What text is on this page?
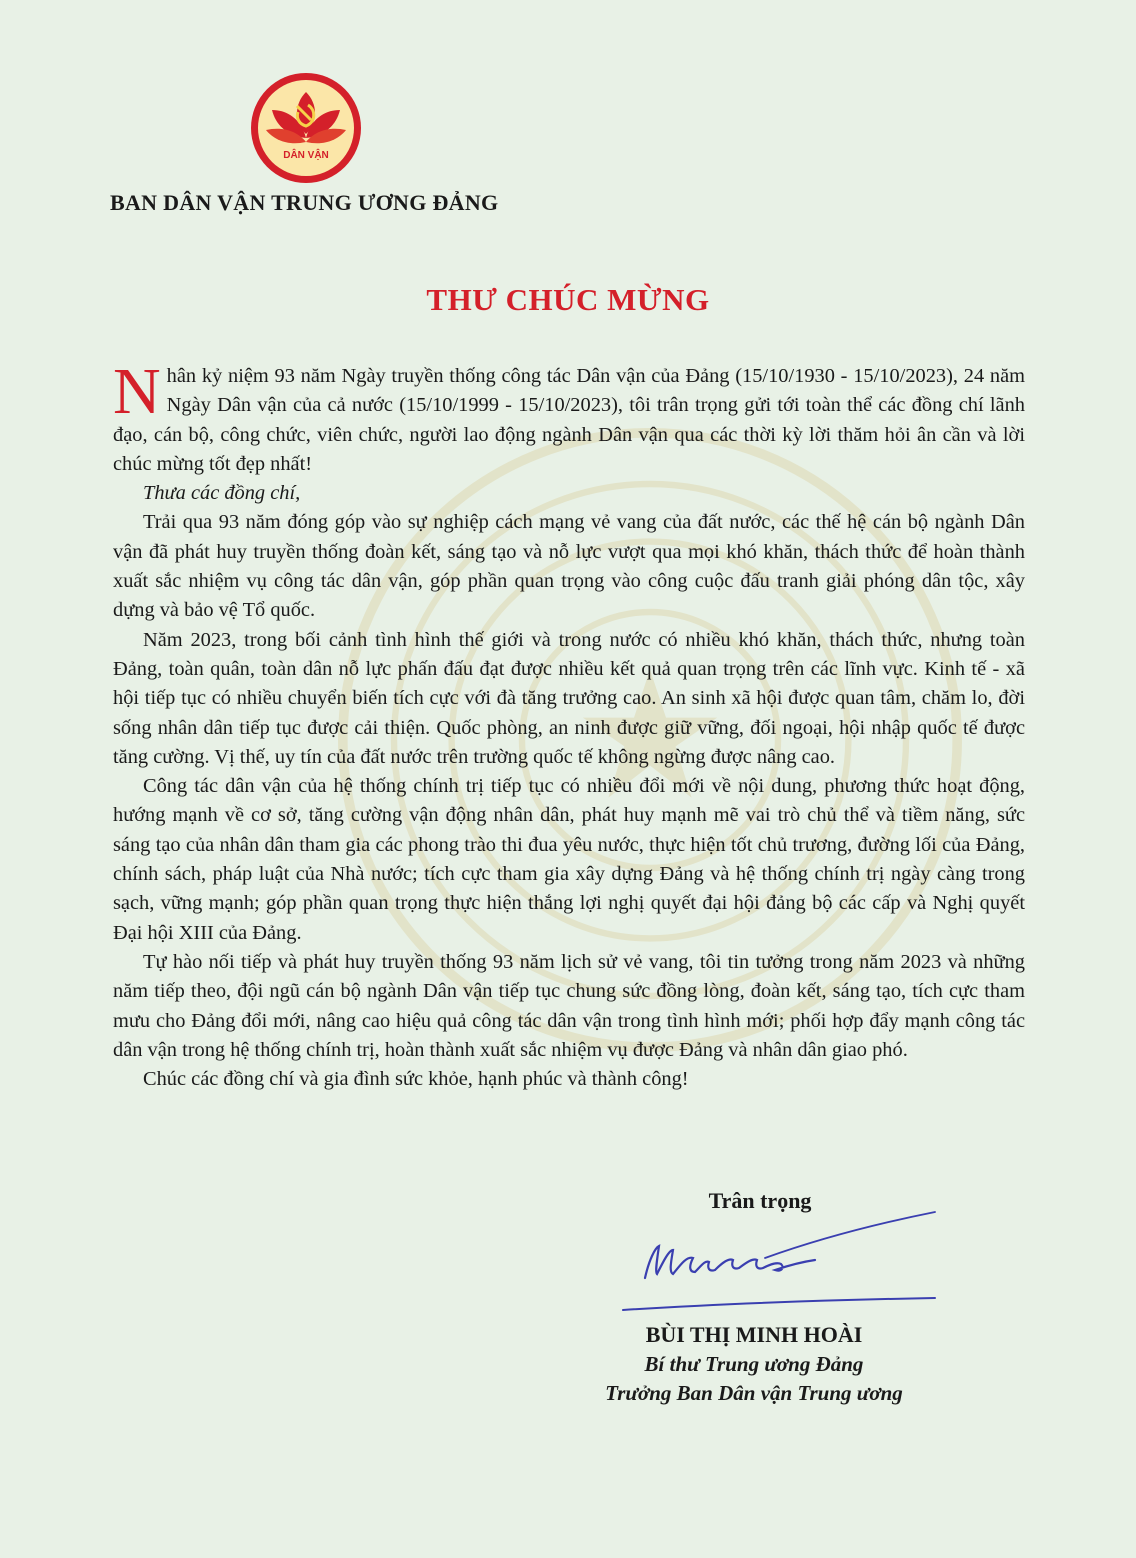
DÂN VẬN
BAN DÂN VẬN TRUNG ƯƠNG ĐẢNG
THƯ CHÚC MỪNG

Nhân kỷ niệm 93 năm Ngày truyền thống công tác Dân vận của Đảng (15/10/1930 - 15/10/2023), 24 năm Ngày Dân vận của cả nước (15/10/1999 - 15/10/2023), tôi trân trọng gửi tới toàn thể các đồng chí lãnh đạo, cán bộ, công chức, viên chức, người lao động ngành Dân vận qua các thời kỳ lời thăm hỏi ân cần và lời chúc mừng tốt đẹp nhất!

Thưa các đồng chí,

Trải qua 93 năm đóng góp vào sự nghiệp cách mạng vẻ vang của đất nước, các thế hệ cán bộ ngành Dân vận đã phát huy truyền thống đoàn kết, sáng tạo và nỗ lực vượt qua mọi khó khăn, thách thức để hoàn thành xuất sắc nhiệm vụ công tác dân vận, góp phần quan trọng vào công cuộc đấu tranh giải phóng dân tộc, xây dựng và bảo vệ Tổ quốc.

Năm 2023, trong bối cảnh tình hình thế giới và trong nước có nhiều khó khăn, thách thức, nhưng toàn Đảng, toàn quân, toàn dân nỗ lực phấn đấu đạt được nhiều kết quả quan trọng trên các lĩnh vực. Kinh tế - xã hội tiếp tục có nhiều chuyển biến tích cực với đà tăng trưởng cao. An sinh xã hội được quan tâm, chăm lo, đời sống nhân dân tiếp tục được cải thiện. Quốc phòng, an ninh được giữ vững, đối ngoại, hội nhập quốc tế được tăng cường. Vị thế, uy tín của đất nước trên trường quốc tế không ngừng được nâng cao.

Công tác dân vận của hệ thống chính trị tiếp tục có nhiều đổi mới về nội dung, phương thức hoạt động, hướng mạnh về cơ sở, tăng cường vận động nhân dân, phát huy mạnh mẽ vai trò chủ thể và tiềm năng, sức sáng tạo của nhân dân tham gia các phong trào thi đua yêu nước, thực hiện tốt chủ trương, đường lối của Đảng, chính sách, pháp luật của Nhà nước; tích cực tham gia xây dựng Đảng và hệ thống chính trị ngày càng trong sạch, vững mạnh; góp phần quan trọng thực hiện thắng lợi nghị quyết đại hội đảng bộ các cấp và Nghị quyết Đại hội XIII của Đảng.

Tự hào nối tiếp và phát huy truyền thống 93 năm lịch sử vẻ vang, tôi tin tưởng trong năm 2023 và những năm tiếp theo, đội ngũ cán bộ ngành Dân vận tiếp tục chung sức đồng lòng, đoàn kết, sáng tạo, tích cực tham mưu cho Đảng đổi mới, nâng cao hiệu quả công tác dân vận trong tình hình mới; phối hợp đẩy mạnh công tác dân vận trong hệ thống chính trị, hoàn thành xuất sắc nhiệm vụ được Đảng và nhân dân giao phó.

Chúc các đồng chí và gia đình sức khỏe, hạnh phúc và thành công!

Trân trọng
BÙI THỊ MINH HOÀI
Bí thư Trung ương Đảng
Trưởng Ban Dân vận Trung ương
